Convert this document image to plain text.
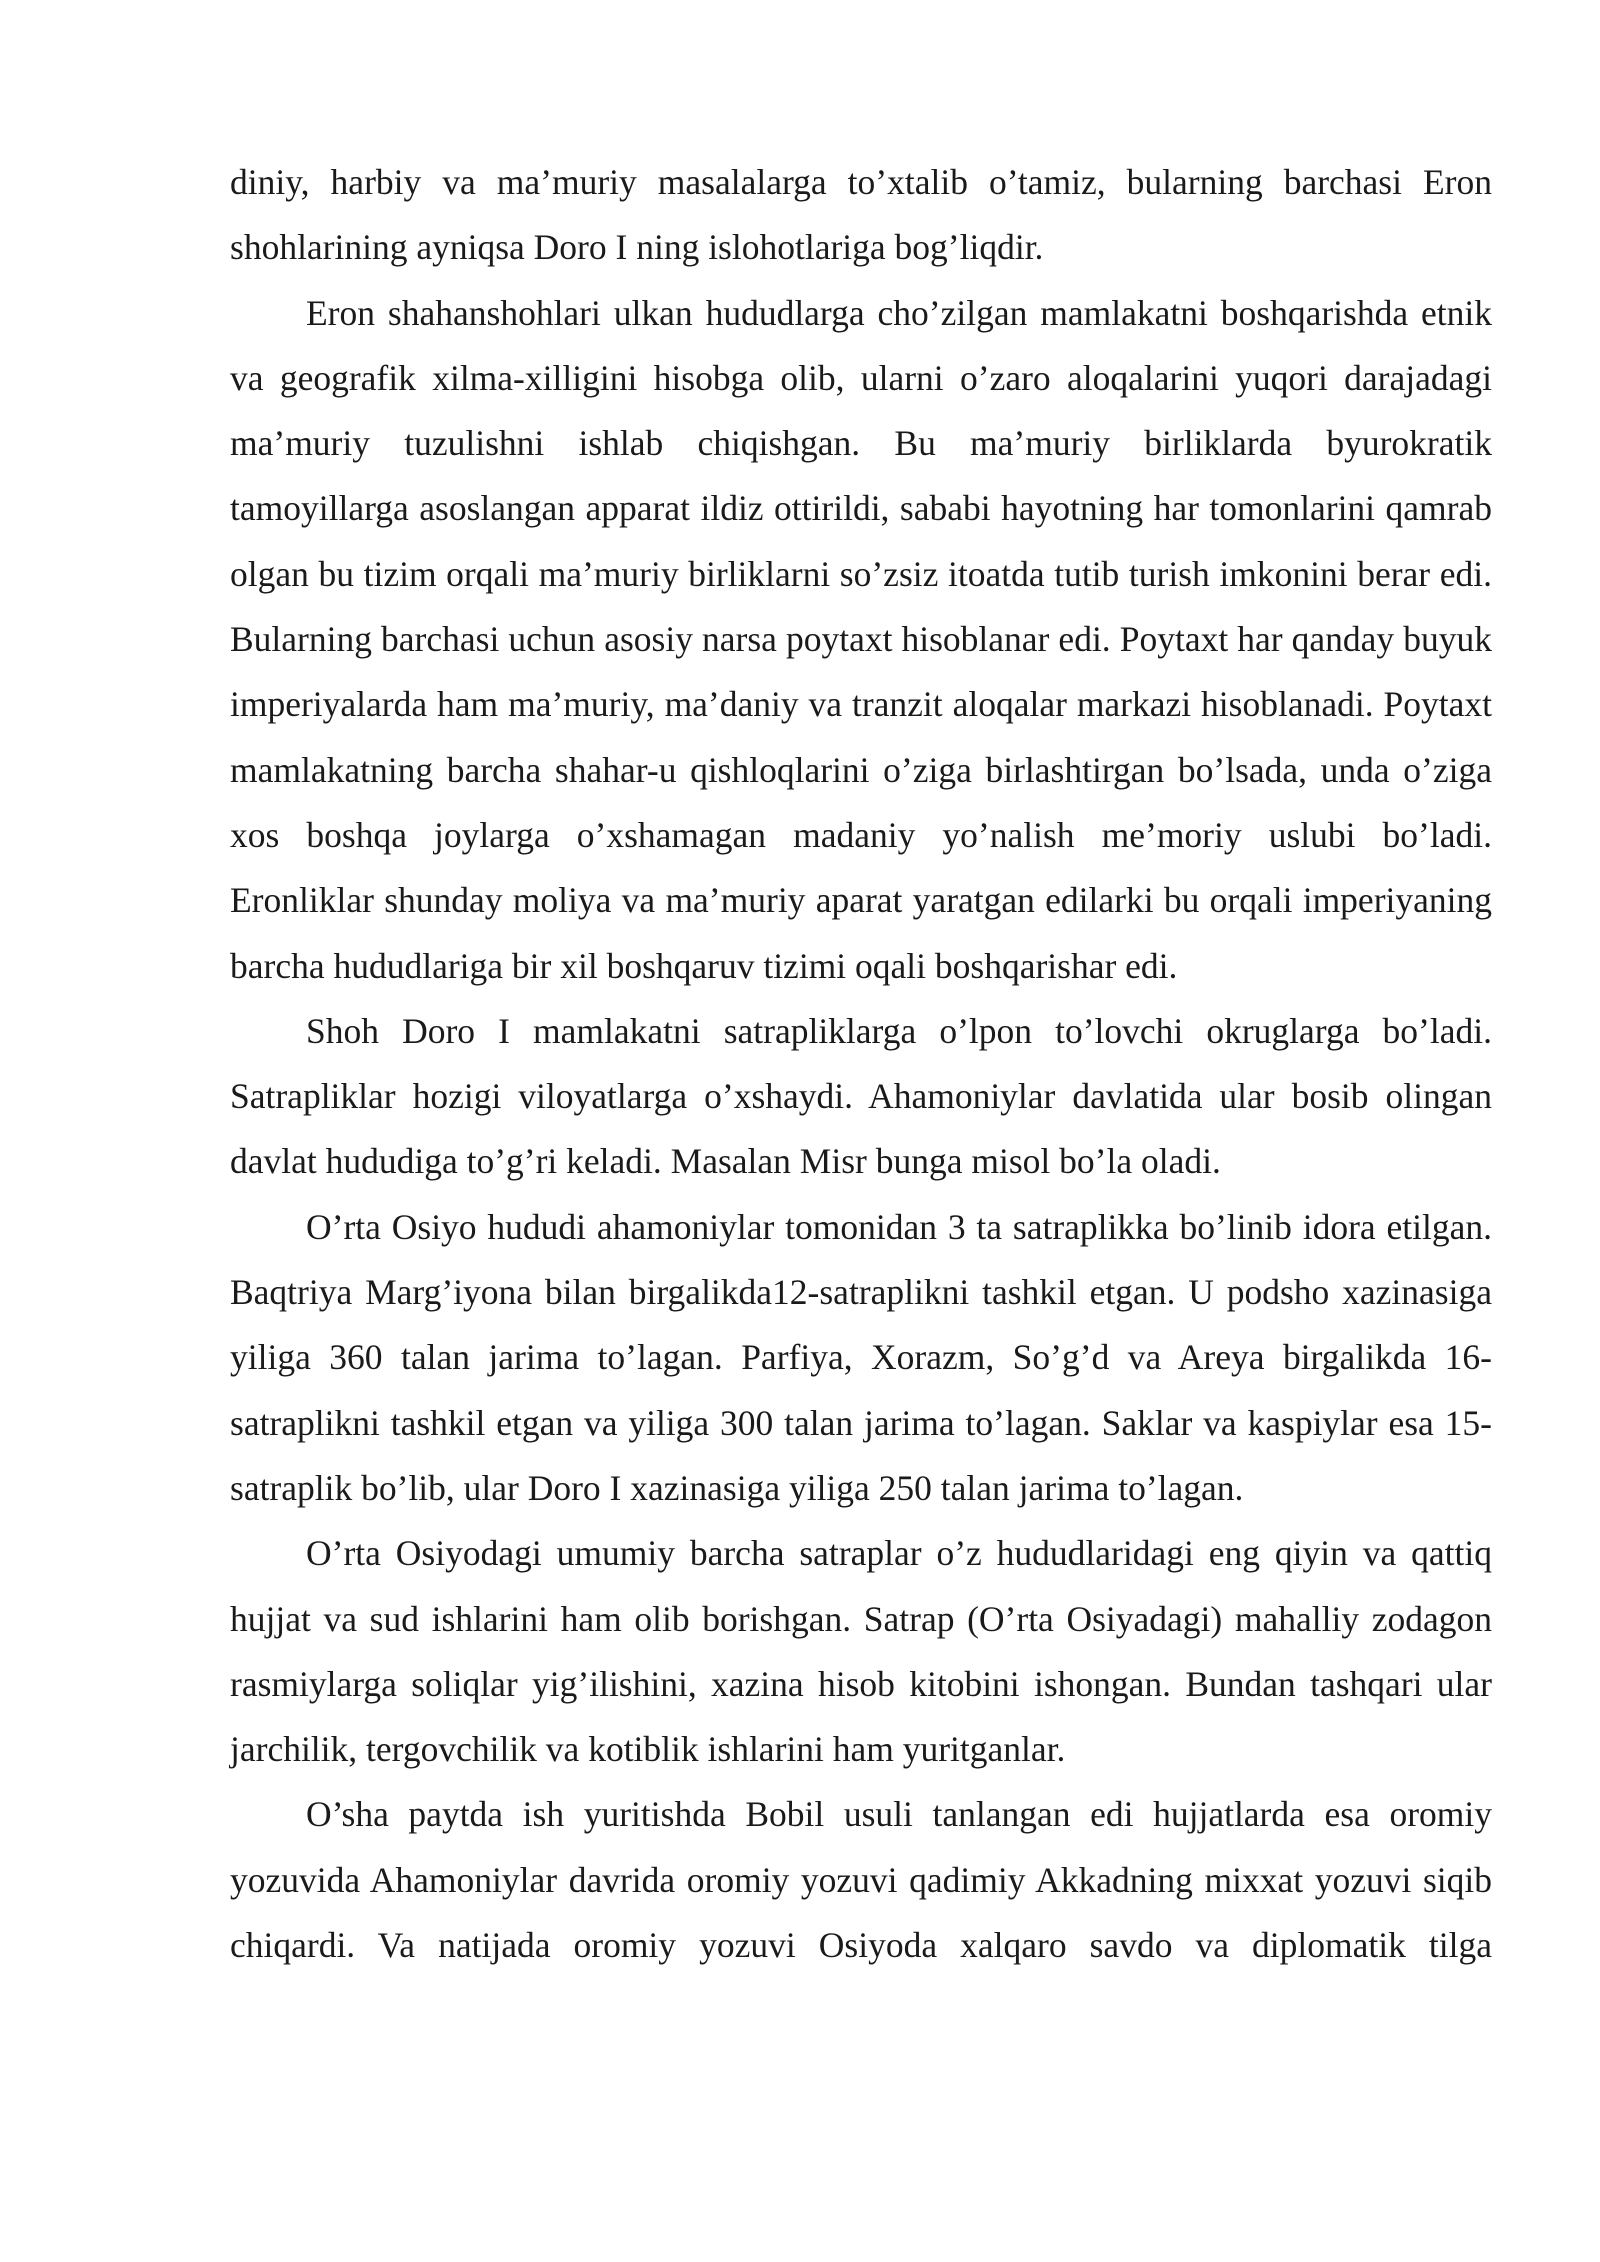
diniy, harbiy va ma’muriy masalalarga to’xtalib o’tamiz, bularning barchasi Eron shohlarining ayniqsa Doro I ning islohotlariga bog’liqdir.

Eron shahanshohlari ulkan hududlarga cho’zilgan mamlakatni boshqarishda etnik va geografik xilma-xilligini hisobga olib, ularni o’zaro aloqalarini yuqori darajadagi ma’muriy tuzulishni ishlab chiqishgan. Bu ma’muriy birliklarda byurokratik tamoyillarga asoslangan apparat ildiz ottirildi, sababi hayotning har tomonlarini qamrab olgan bu tizim orqali ma’muriy birliklarni so’zsiz itoatda tutib turish imkonini berar edi. Bularning barchasi uchun asosiy narsa poytaxt hisoblanar edi. Poytaxt har qanday buyuk imperiyalarda ham ma’muriy, ma’daniy va tranzit aloqalar markazi hisoblanadi. Poytaxt mamlakatning barcha shahar-u qishloqlarini o’ziga birlashtirgan bo’lsada, unda o’ziga xos boshqa joylarga o’xshamagan madaniy yo’nalish me’moriy uslubi bo’ladi. Eronliklar shunday moliya va ma’muriy aparat yaratgan edilarki bu orqali imperiyaning barcha hududlariga bir xil boshqaruv tizimi oqali boshqarishar edi.

Shoh Doro I mamlakatni satrapliklarga o’lpon to’lovchi okruglarga bo’ladi. Satrapliklar hozigi viloyatlarga o’xshaydi. Ahamoniylar davlatida ular bosib olingan davlat hududiga to’g’ri keladi. Masalan Misr bunga misol bo’la oladi.

O’rta Osiyo hududi ahamoniylar tomonidan 3 ta satraplikka bo’linib idora etilgan. Baqtriya Marg’iyona bilan birgalikda12-satraplikni tashkil etgan. U podsho xazinasiga yiliga 360 talan jarima to’lagan. Parfiya, Xorazm, So’g’d va Areya birgalikda 16-satraplikni tashkil etgan va yiliga 300 talan jarima to’lagan. Saklar va kaspiylar esa 15-satraplik bo’lib, ular Doro I xazinasiga yiliga 250 talan jarima to’lagan.

O’rta Osiyodagi umumiy barcha satraplar o’z hududlaridagi eng qiyin va qattiq hujjat va sud ishlarini ham olib borishgan. Satrap (O’rta Osiyadagi) mahalliy zodagon rasmiylarga soliqlar yig’ilishini, xazina hisob kitobini ishongan. Bundan tashqari ular jarchilik, tergovchilik va kotiblik ishlarini ham yuritganlar.

O’sha paytda ish yuritishda Bobil usuli tanlangan edi hujjatlarda esa oromiy yozuvida Ahamoniylar davrida oromiy yozuvi qadimiy Akkadning mixxat yozuvi siqib chiqardi. Va natijada oromiy yozuvi Osiyoda xalqaro savdo va diplomatik tilga
